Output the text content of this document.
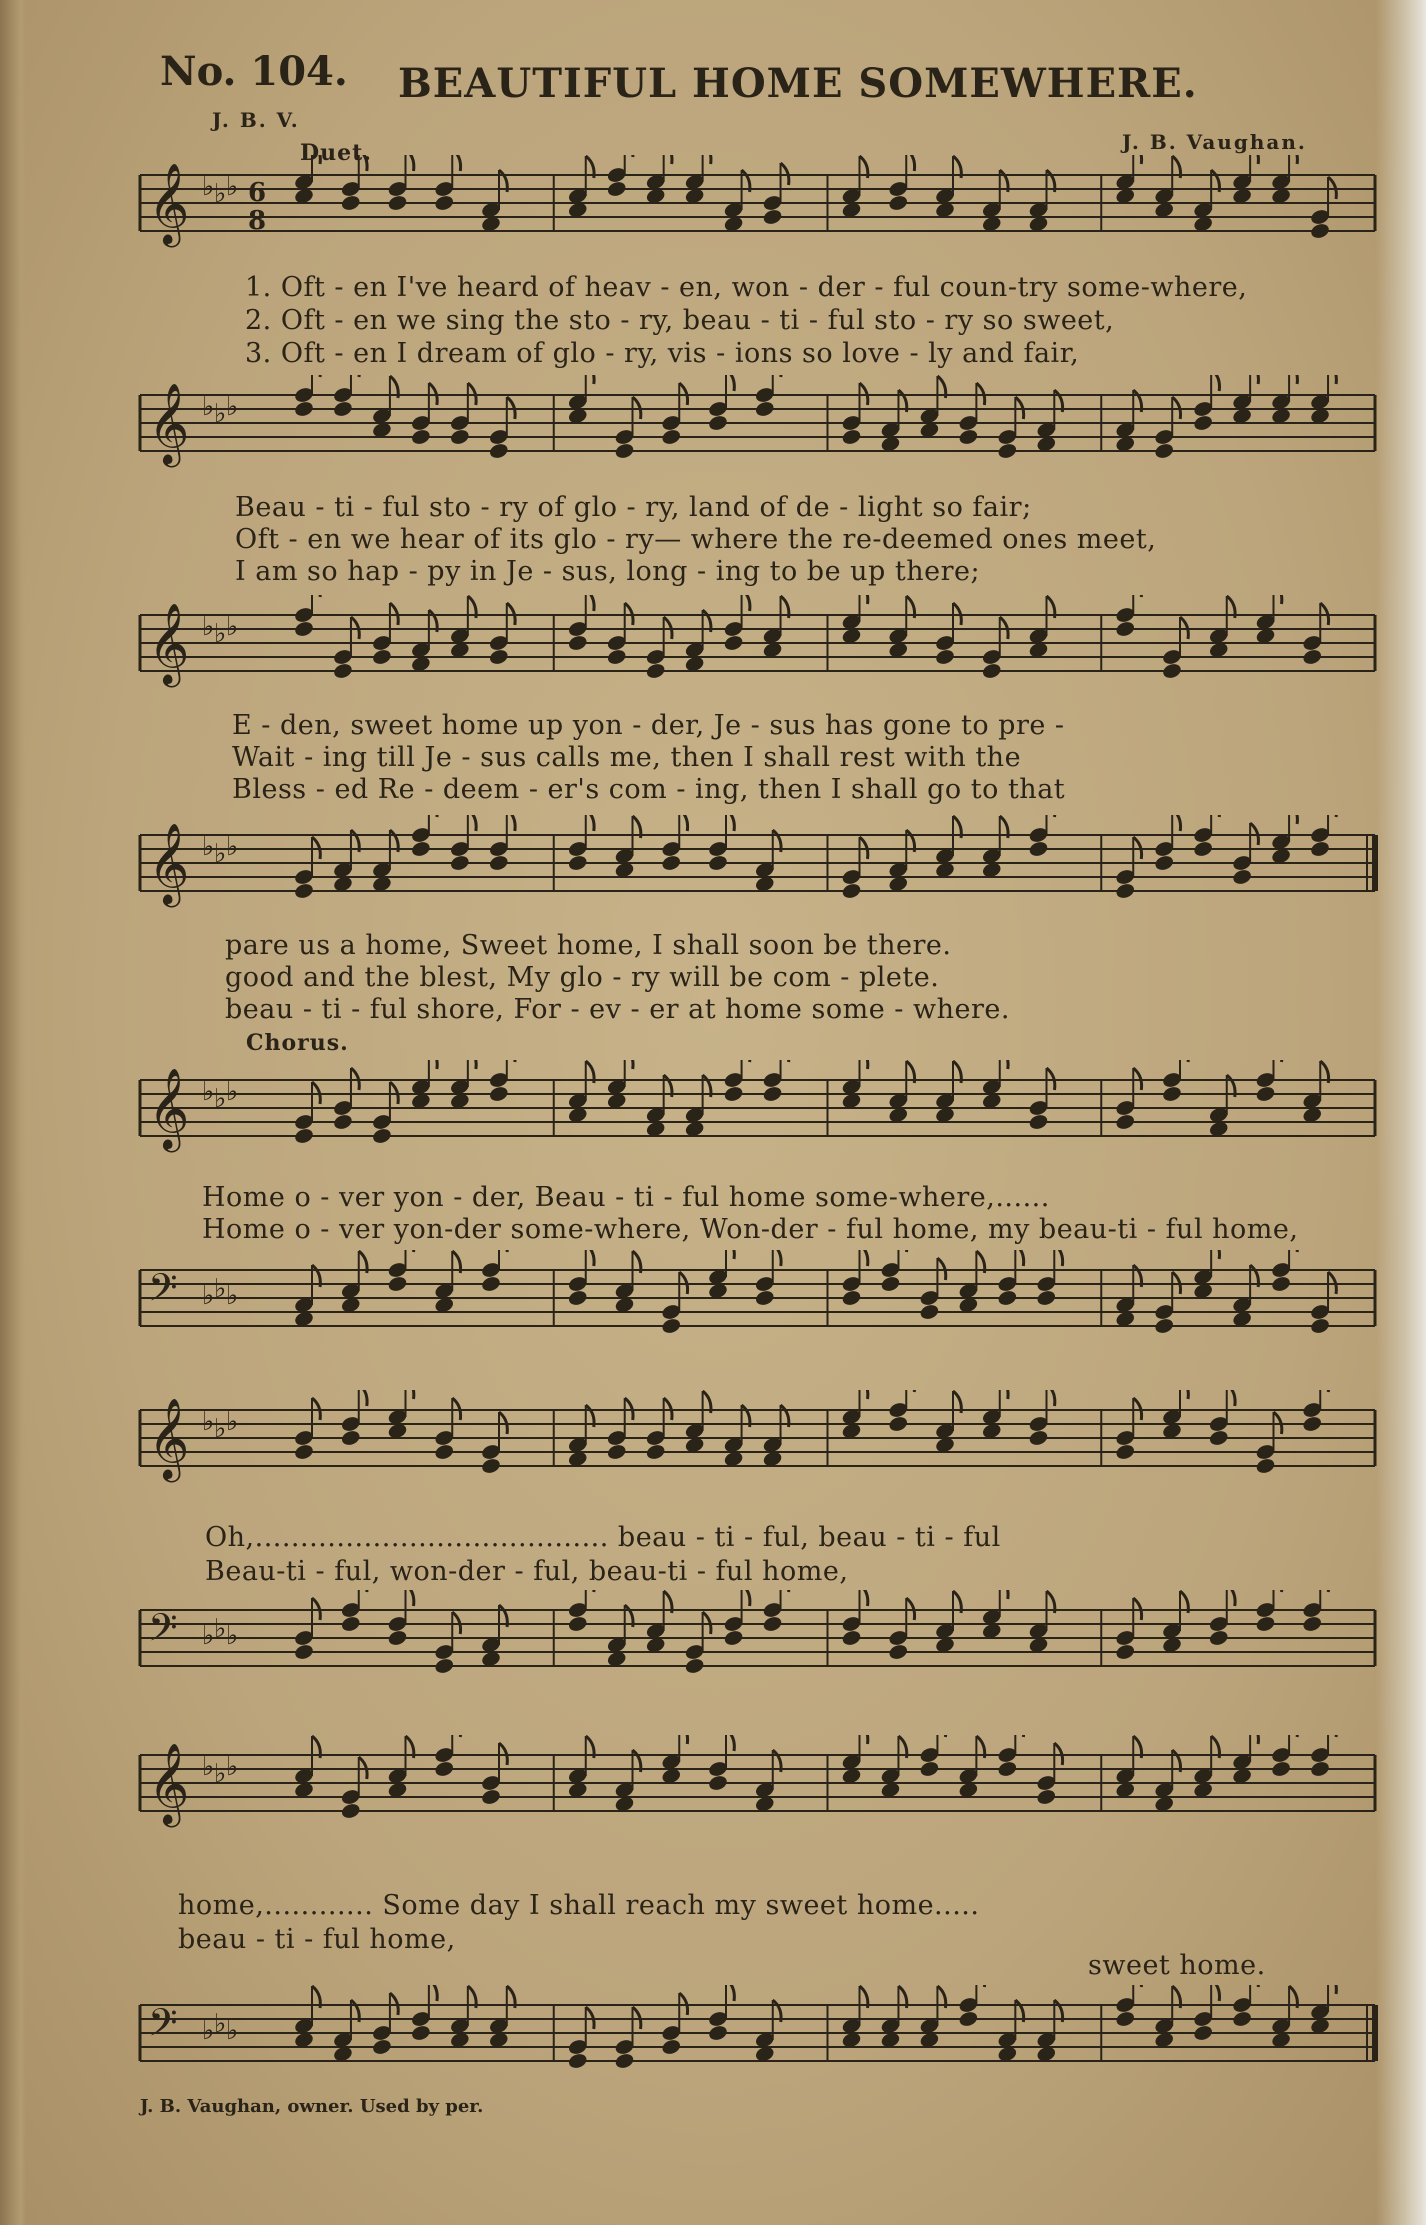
No. 104. BEAUTIFUL HOME SOMEWHERE.
J. B. V.
J. B. Vaughan.
Duet.
𝄞 ♭ ♭ ♭ 6
8
𝄞 ♭ ♭ ♭
𝄞 ♭ ♭ ♭
𝄞 ♭ ♭ ♭
1. Oft - en I've heard of heav - en, won - der - ful coun-try some-where,
2. Oft - en we sing the sto - ry, beau - ti - ful sto - ry so sweet,
3. Oft - en I dream of glo - ry, vis - ions so love - ly and fair,
Beau - ti - ful sto - ry of glo - ry, land of de - light so fair;
Oft - en we hear of its glo - ry— where the re-deemed ones meet,
I am so hap - py in Je - sus, long - ing to be up there;
E - den, sweet home up yon - der, Je - sus has gone to pre -
Wait - ing till Je - sus calls me, then I shall rest with the
Bless - ed Re - deem - er's com - ing, then I shall go to that
pare us a home, Sweet home, I shall soon be there.
good and the blest, My glo - ry will be com - plete.
beau - ti - ful shore, For - ev - er at home some - where.
Chorus.
𝄞 ♭ ♭ ♭
Home o - ver yon - der, Beau - ti - ful home some-where,......
Home o - ver yon-der some-where, Won-der - ful home, my beau-ti - ful home,
𝄢 ♭ ♭ ♭
𝄞 ♭ ♭ ♭
Oh,....................................... beau - ti - ful, beau - ti - ful
Beau-ti - ful, won-der - ful, beau-ti - ful home,
𝄢 ♭ ♭ ♭
𝄞 ♭ ♭ ♭
home,............ Some day I shall reach my sweet home.....
beau - ti - ful home,
sweet home.
𝄢 ♭ ♭ ♭
J. B. Vaughan, owner. Used by per.
